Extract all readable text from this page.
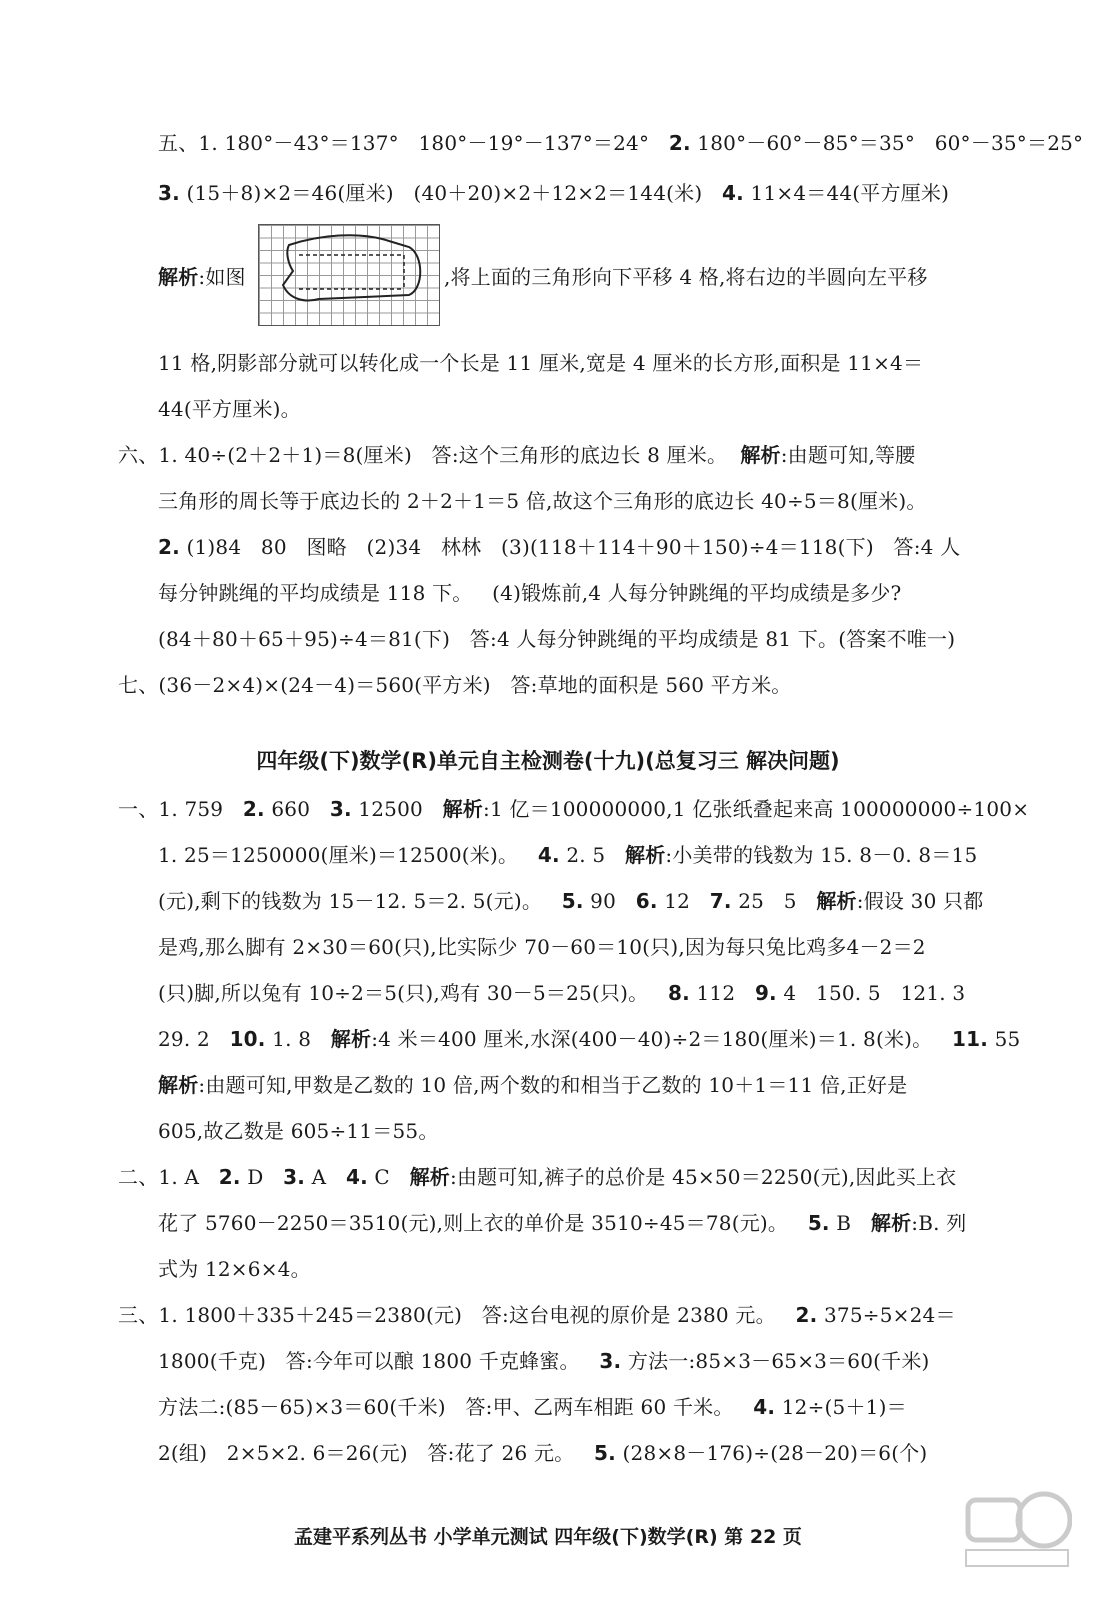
五、1. 180°－43°＝137°   180°－19°－137°＝24°   2. 180°－60°－85°＝35°   60°－35°＝25°
3. (15＋8)×2＝46(厘米)   (40＋20)×2＋12×2＝144(米)   4. 11×4＝44(平方厘米)
解析:如图	,将上面的三角形向下平移 4 格,将右边的半圆向左平移
11 格,阴影部分就可以转化成一个长是 11 厘米,宽是 4 厘米的长方形,面积是 11×4＝
44(平方厘米)。
六、1. 40÷(2＋2＋1)＝8(厘米)   答:这个三角形的底边长 8 厘米。  解析:由题可知,等腰
三角形的周长等于底边长的 2＋2＋1＝5 倍,故这个三角形的底边长 40÷5＝8(厘米)。
2. (1)84   80   图略   (2)34   林林   (3)(118＋114＋90＋150)÷4＝118(下)   答:4 人
每分钟跳绳的平均成绩是 118 下。   (4)锻炼前,4 人每分钟跳绳的平均成绩是多少?
(84＋80＋65＋95)÷4＝81(下)   答:4 人每分钟跳绳的平均成绩是 81 下。(答案不唯一)
七、(36－2×4)×(24－4)＝560(平方米)   答:草地的面积是 560 平方米。
一、1. 759   2. 660   3. 12500   解析:1 亿＝100000000,1 亿张纸叠起来高 100000000÷100×
1. 25＝1250000(厘米)＝12500(米)。   4. 2. 5   解析:小美带的钱数为 15. 8－0. 8＝15
(元),剩下的钱数为 15－12. 5＝2. 5(元)。   5. 90   6. 12   7. 25   5   解析:假设 30 只都
是鸡,那么脚有 2×30＝60(只),比实际少 70－60＝10(只),因为每只兔比鸡多4－2＝2
(只)脚,所以兔有 10÷2＝5(只),鸡有 30－5＝25(只)。   8. 112   9. 4   150. 5   121. 3
29. 2   10. 1. 8   解析:4 米＝400 厘米,水深(400－40)÷2＝180(厘米)＝1. 8(米)。   11. 55
解析:由题可知,甲数是乙数的 10 倍,两个数的和相当于乙数的 10＋1＝11 倍,正好是
605,故乙数是 605÷11＝55。
二、1. A   2. D   3. A   4. C   解析:由题可知,裤子的总价是 45×50＝2250(元),因此买上衣
花了 5760－2250＝3510(元),则上衣的单价是 3510÷45＝78(元)。   5. B   解析:B. 列
式为 12×6×4。
三、1. 1800＋335＋245＝2380(元)   答:这台电视的原价是 2380 元。   2. 375÷5×24＝
1800(千克)   答:今年可以酿 1800 千克蜂蜜。   3. 方法一:85×3－65×3＝60(千米)
方法二:(85－65)×3＝60(千米)   答:甲、乙两车相距 60 千米。   4. 12÷(5＋1)＝
2(组)   2×5×2. 6＝26(元)   答:花了 26 元。   5. (28×8－176)÷(28－20)＝6(个)
四年级(下)数学(R)单元自主检测卷(十九)(总复习三 解决问题)
孟建平系列丛书 小学单元测试 四年级(下)数学(R) 第 22 页
